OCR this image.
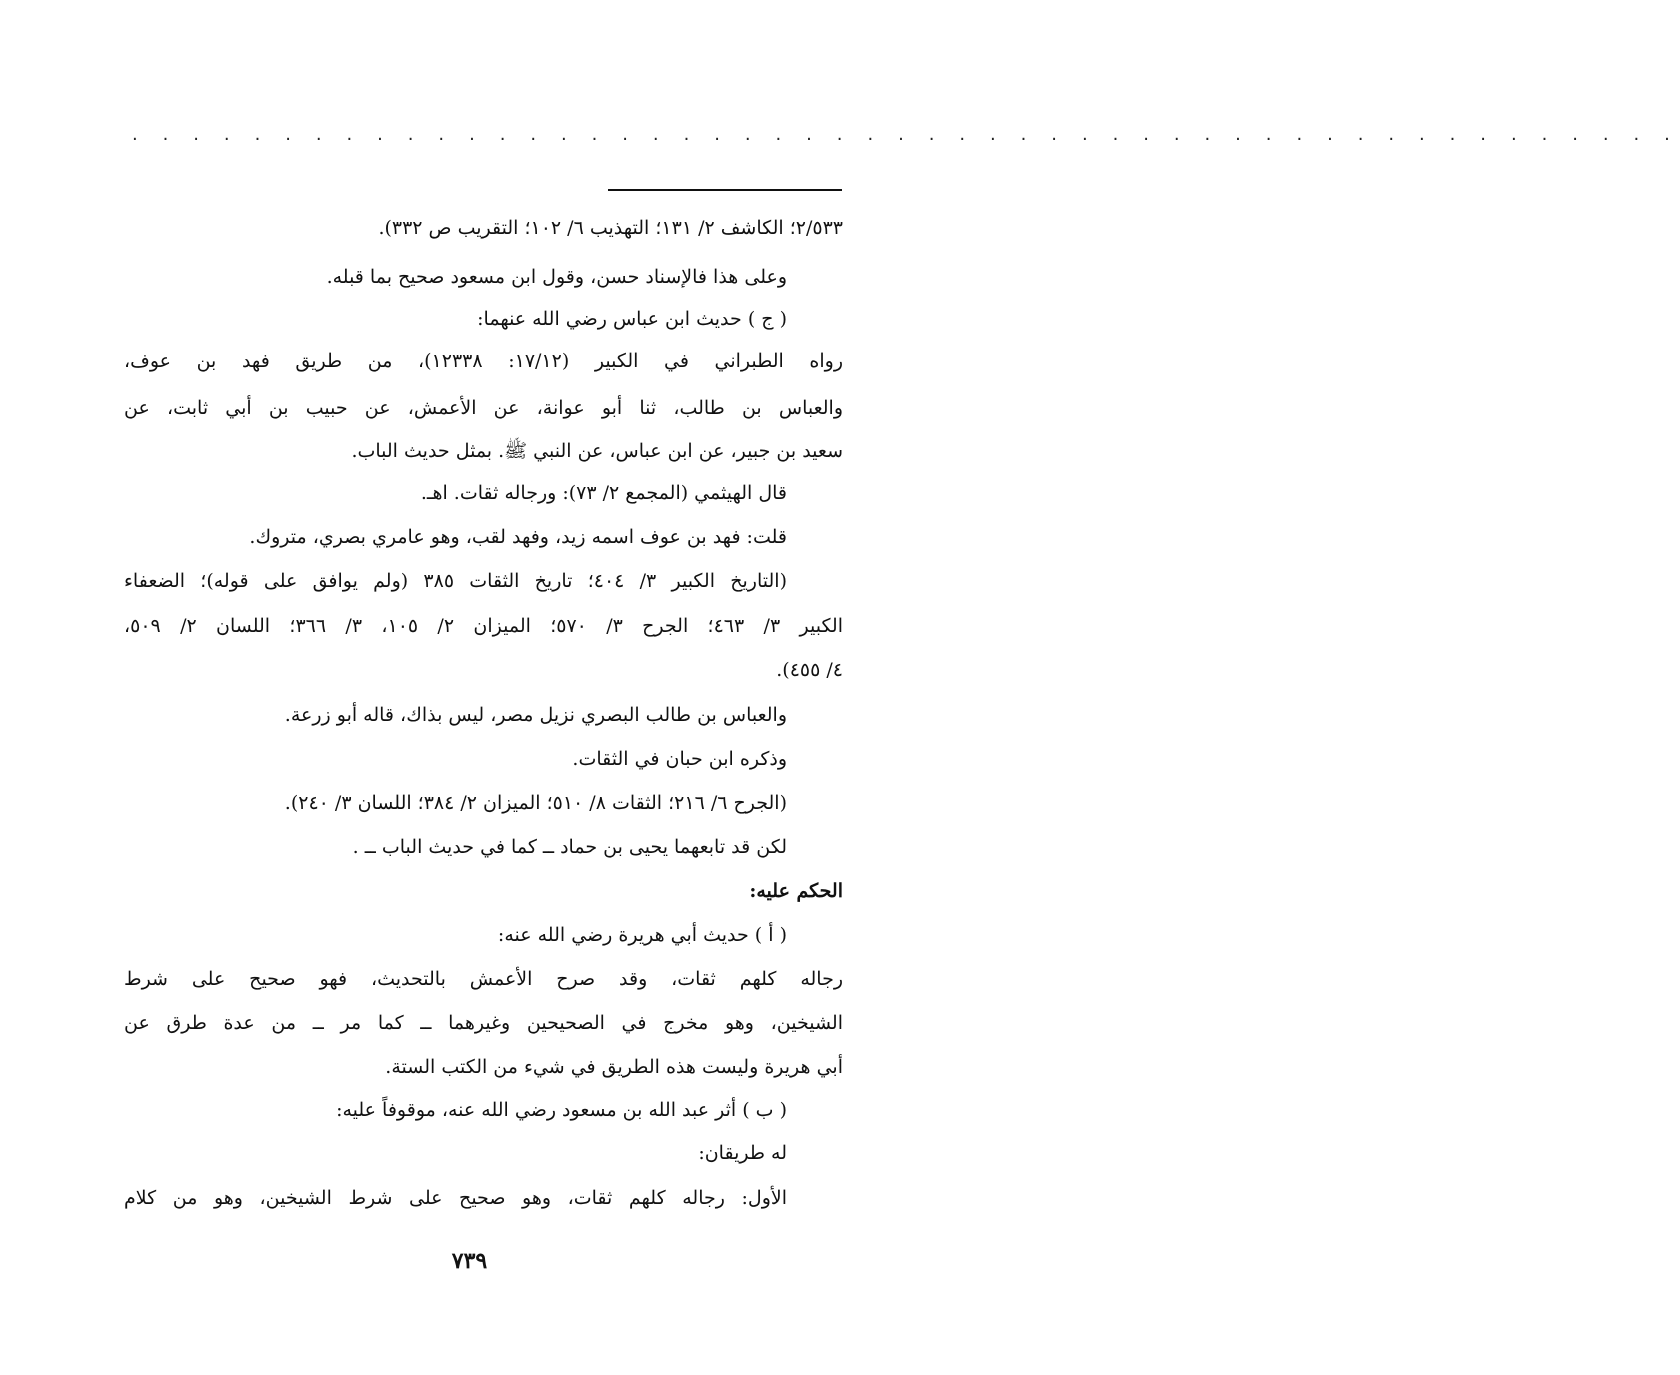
. . . . . . . . . . . . . . . . . . . . . . . . . . . . . . . . . . . . . . . . . . . . . . . . . . .
٢/٥٣٣؛ الكاشف ٢/ ١٣١؛ التهذيب ٦/ ١٠٢؛ التقريب ص ٣٣٢).
وعلى هذا فالإسناد حسن، وقول ابن مسعود صحيح بما قبله.
( ج ) حديث ابن عباس رضي الله عنهما:
رواه الطبراني في الكبير (١٧/١٢: ١٢٣٣٨)، من طريق فهد بن عوف،
والعباس بن طالب، ثنا أبو عوانة، عن الأعمش، عن حبيب بن أبي ثابت، عن
سعيد بن جبير، عن ابن عباس، عن النبي ﷺ. بمثل حديث الباب.
قال الهيثمي (المجمع ٢/ ٧٣): ورجاله ثقات. اهـ.
قلت: فهد بن عوف اسمه زيد، وفهد لقب، وهو عامري بصري، متروك.
(التاريخ الكبير ٣/ ٤٠٤؛ تاريخ الثقات ٣٨٥ (ولم يوافق على قوله)؛ الضعفاء
الكبير ٣/ ٤٦٣؛ الجرح ٣/ ٥٧٠؛ الميزان ٢/ ١٠٥، ٣/ ٣٦٦؛ اللسان ٢/ ٥٠٩،
٤/ ٤٥٥).
والعباس بن طالب البصري نزيل مصر، ليس بذاك، قاله أبو زرعة.
وذكره ابن حبان في الثقات.
(الجرح ٦/ ٢١٦؛ الثقات ٨/ ٥١٠؛ الميزان ٢/ ٣٨٤؛ اللسان ٣/ ٢٤٠).
لكن قد تابعهما يحيى بن حماد ــ كما في حديث الباب ــ .
الحكم عليه:
( أ ) حديث أبي هريرة رضي الله عنه:
رجاله كلهم ثقات، وقد صرح الأعمش بالتحديث، فهو صحيح على شرط
الشيخين، وهو مخرج في الصحيحين وغيرهما ــ كما مر ــ من عدة طرق عن
أبي هريرة وليست هذه الطريق في شيء من الكتب الستة.
( ب ) أثر عبد الله بن مسعود رضي الله عنه، موقوفاً عليه:
له طريقان:
الأول: رجاله كلهم ثقات، وهو صحيح على شرط الشيخين، وهو من كلام
٧٣٩
